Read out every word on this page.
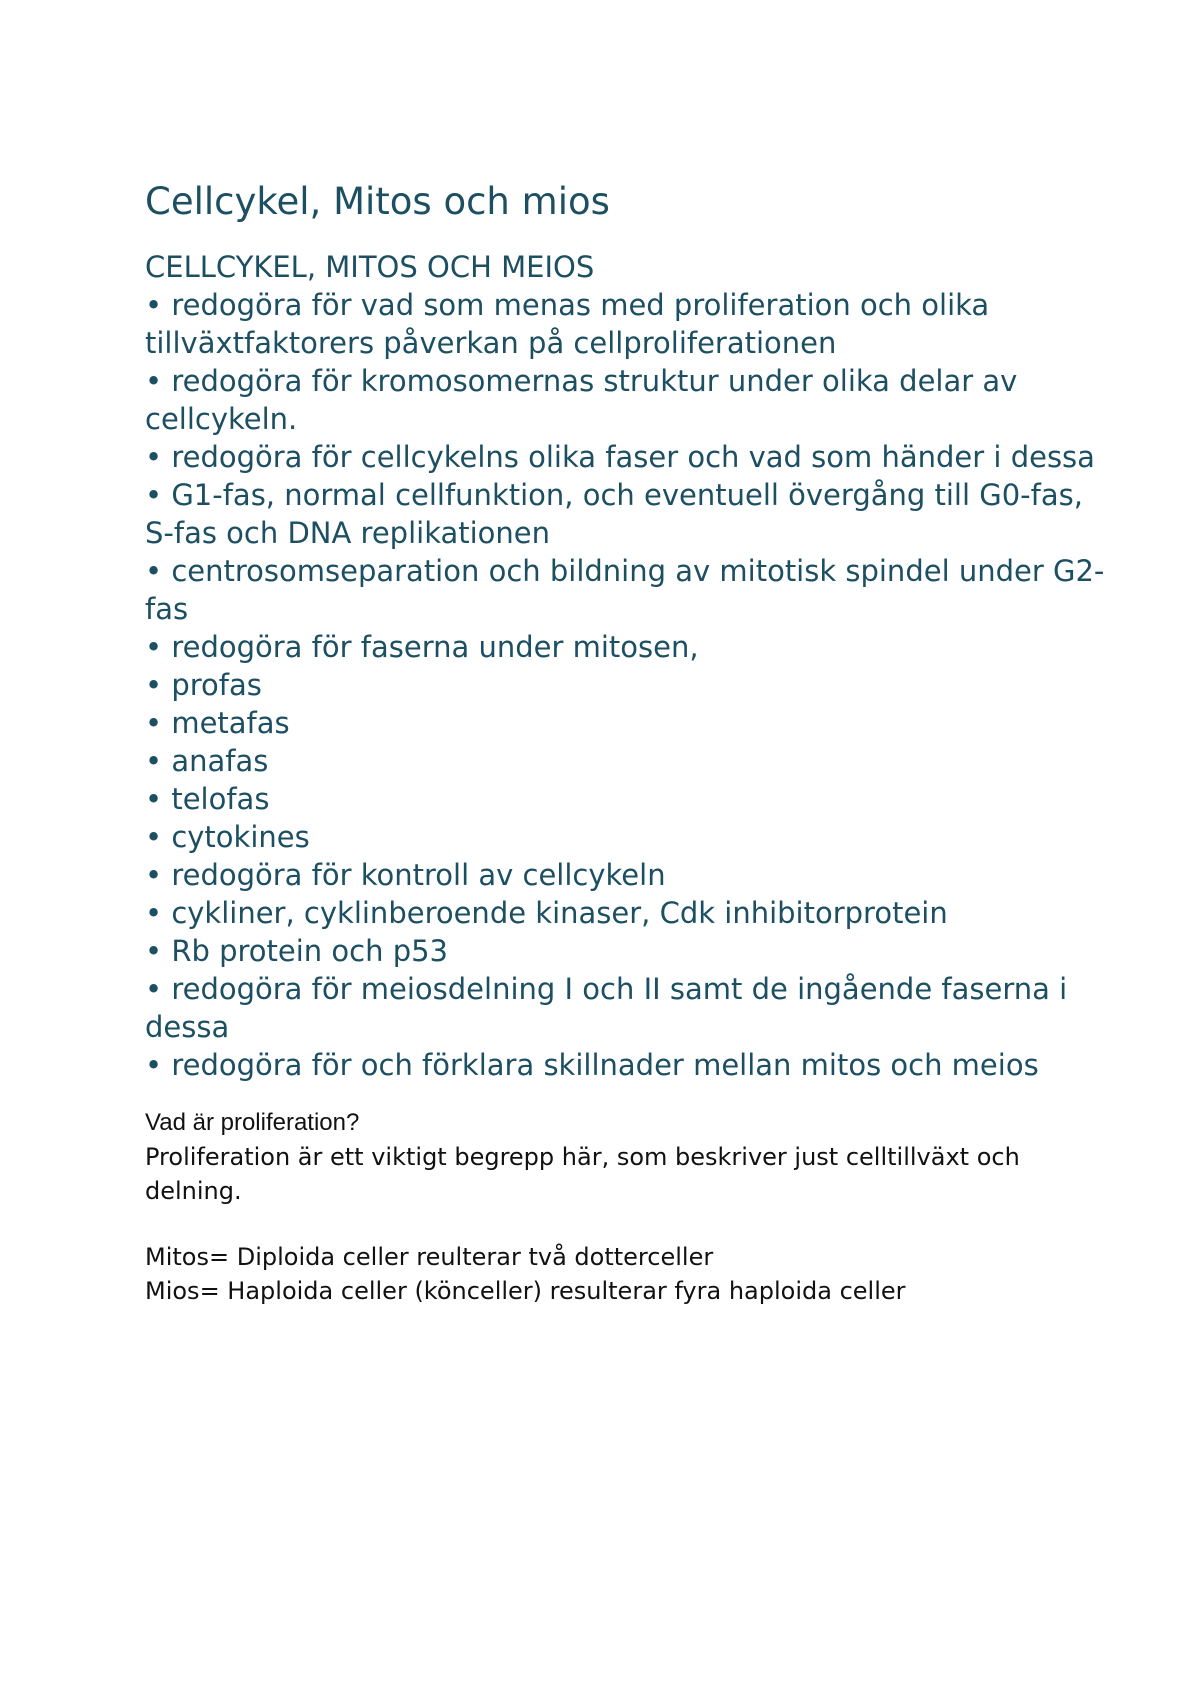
Cellcykel, Mitos och mios
CELLCYKEL, MITOS OCH MEIOS
• redogöra för vad som menas med proliferation och olika tillväxtfaktorers påverkan på cellproliferationen
• redogöra för kromosomernas struktur under olika delar av cellcykeln.
• redogöra för cellcykelns olika faser och vad som händer i dessa
• G1-fas, normal cellfunktion, och eventuell övergång till G0-fas, S-fas och DNA replikationen
• centrosomseparation och bildning av mitotisk spindel under G2-fas
• redogöra för faserna under mitosen,
• profas
• metafas
• anafas
• telofas
• cytokines
• redogöra för kontroll av cellcykeln
• cykliner, cyklinberoende kinaser, Cdk inhibitorprotein
• Rb protein och p53
• redogöra för meiosdelning I och II samt de ingående faserna i dessa
• redogöra för och förklara skillnader mellan mitos och meios

Vad är proliferation?

Proliferation är ett viktigt begrepp här, som beskriver just celltillväxt och delning.

Mitos= Diploida celler reulterar två dotterceller

Mios= Haploida celler (könceller) resulterar fyra haploida celler
